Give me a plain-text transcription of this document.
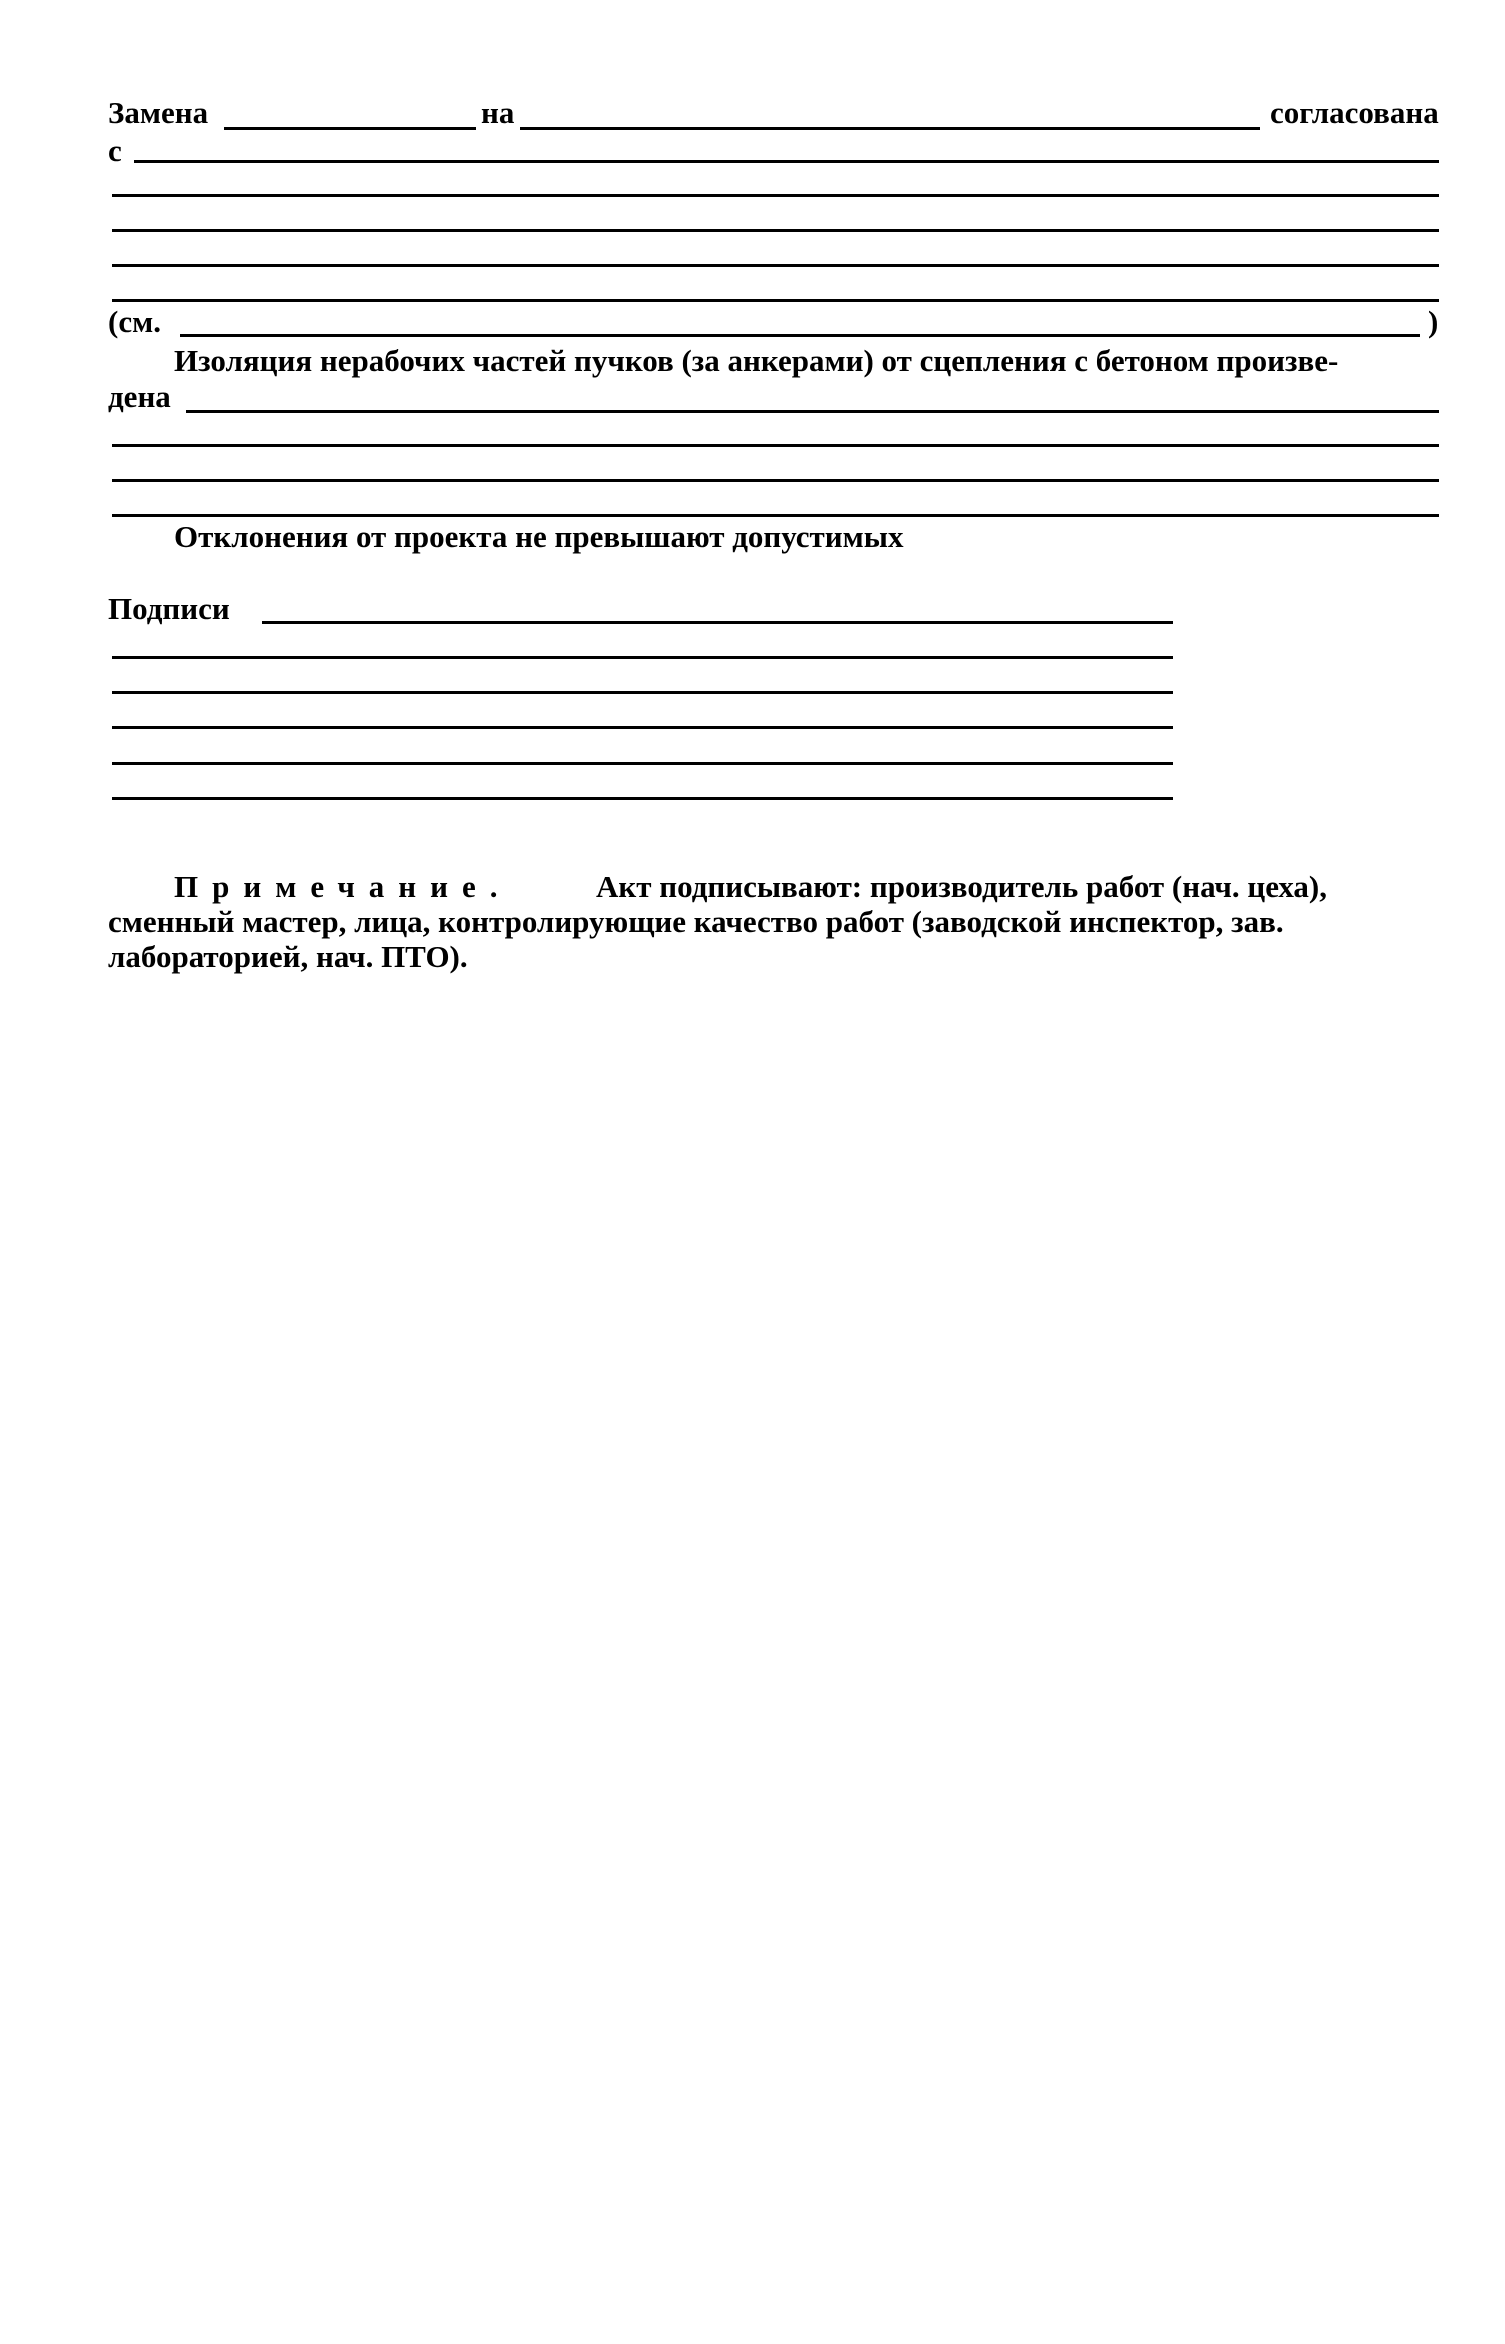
Замена	на	согласована
с
(см.	)
Изоляция нерабочих частей пучков (за анкерами) от сцепления с бетоном произве-
дена
Отклонения от проекта не превышают допустимых
Подписи
Примечание.	Акт подписывают: производитель работ (нач. цеха),
сменный мастер, лица, контролирующие качество работ (заводской инспектор, зав.
лабораторией, нач. ПТО).
